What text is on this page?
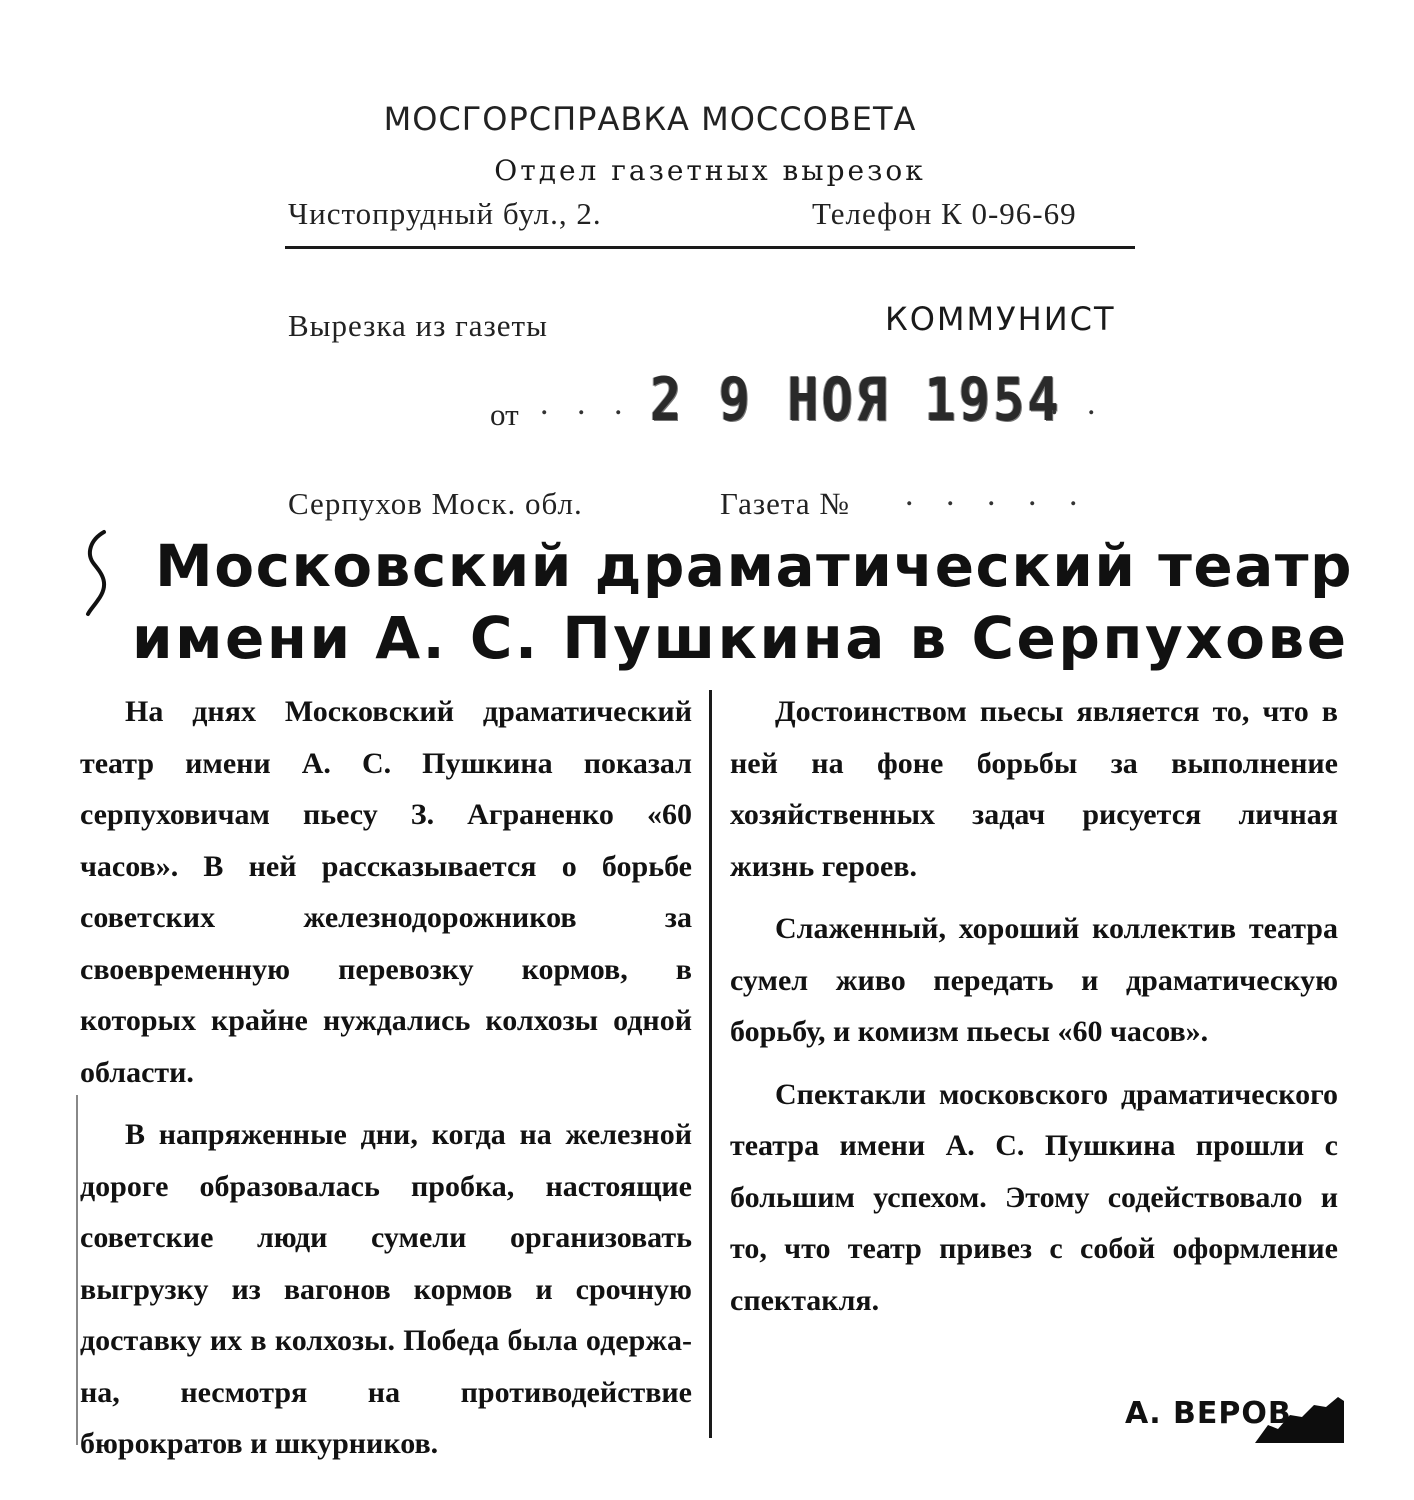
МОСГОРСПРАВКА МОССОВЕТА
Отдел газетных вырезок
Чистопрудный бул., 2.	Телефон К 0-96-69
Вырезка из газеты	КОММУНИСТ
от . . . 2 9 НОЯ 1954
. .
Серпухов Моск. обл.	Газета № . . . . .
Московский драматический театр
имени А. С. Пушкина в Серпухове

На днях Московский драматический театр имени А. С. Пушкина показал серпуховичам пьесу З. Аграненко «60 часов». В ней рассказывается о борьбе советских железнодорожников за своевременную перевозку кормов, в которых крайне нуждались колхозы одной области.

В напряженные дни, когда на железной дороге образовалась пробка, настоящие советские люди сумели организовать выгрузку из вагонов кормов и срочную доставку их в колхозы. Победа была одержана, несмотря на противодействие бюрократов и шкурников.

Достоинством пьесы является то, что в ней на фоне борьбы за выполнение хозяйственных задач рисуется личная жизнь героев.

Слаженный, хороший коллектив театра сумел живо передать и драматическую борьбу, и комизм пьесы «60 часов».

Спектакли московского драматического театра имени А. С. Пушкина прошли с большим успехом. Этому содействовало и то, что театр привез с собой оформление спектакля.

А. ВЕРОВ
